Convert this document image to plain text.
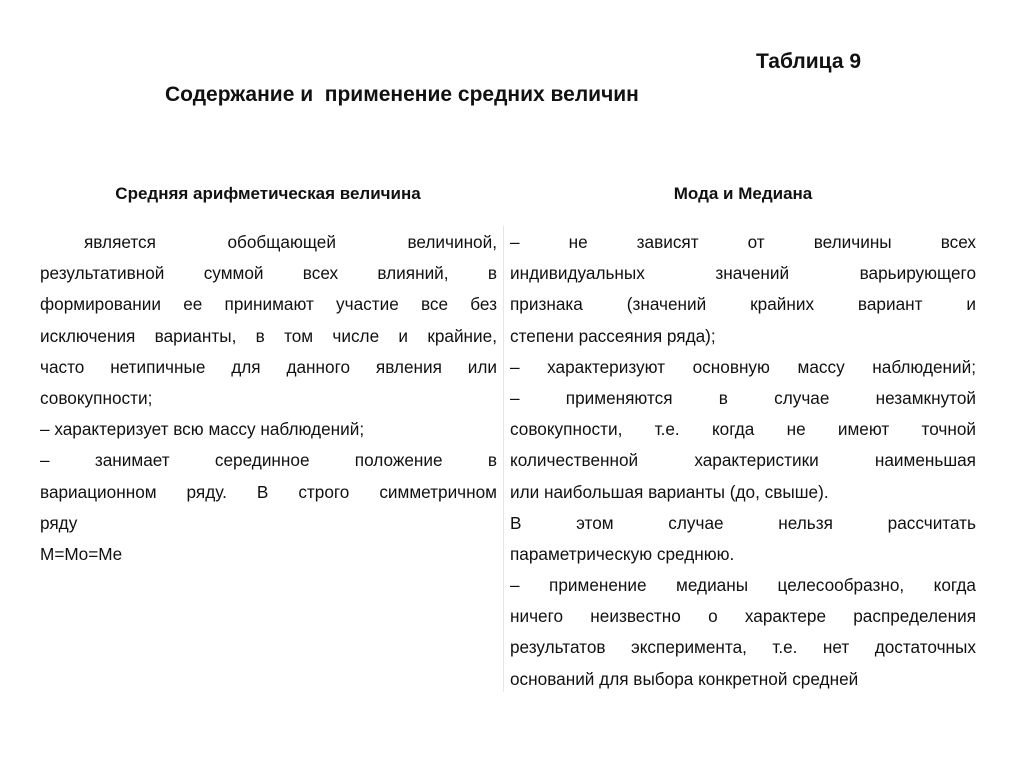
Таблица 9
Содержание и  применение средних величин
Средняя арифметическая величина	Мода и Медиана
является обобщающей величиной,
результативной суммой всех влияний, в
формировании ее принимают участие все без
исключения варианты, в том числе и крайние,
часто нетипичные для данного явления или
совокупности;
– характеризует всю массу наблюдений;
– занимает серединное положение в
вариационном ряду. В строго симметричном
ряду
M=Mo=Me
– не зависят от величины всех
индивидуальных значений варьирующего
признака (значений крайних вариант и
степени рассеяния ряда);
– характеризуют основную массу наблюдений;
– применяются в случае незамкнутой
совокупности, т.е. когда не имеют точной
количественной характеристики наименьшая
или наибольшая варианты (до, свыше).
В этом случае нельзя рассчитать
параметрическую среднюю.
– применение медианы целесообразно, когда
ничего неизвестно о характере распределения
результатов эксперимента, т.е. нет достаточных
оснований для выбора конкретной средней
